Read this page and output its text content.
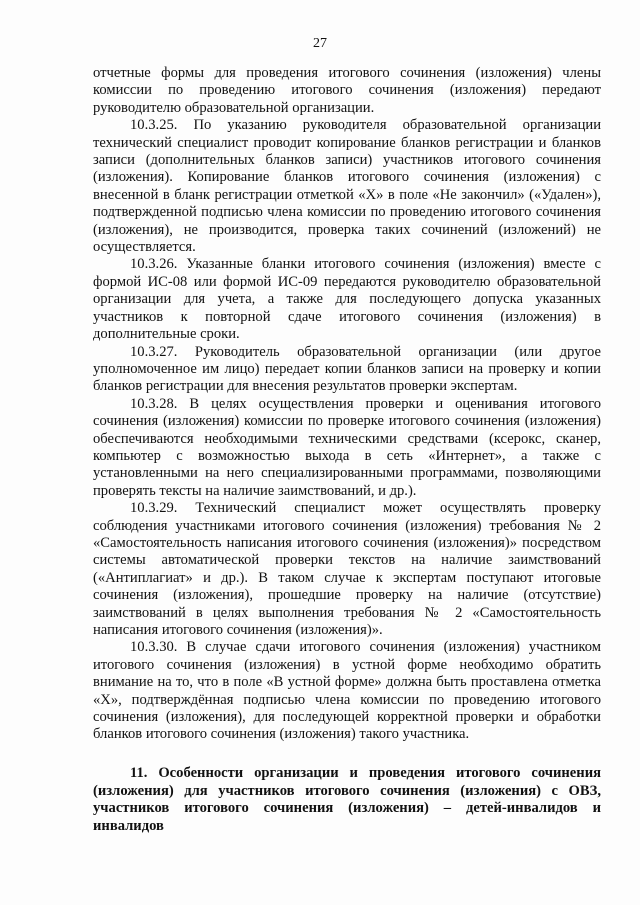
27

отчетные формы для проведения итогового сочинения (изложения) члены комиссии по проведению итогового сочинения (изложения) передают руководителю образовательной организации.

10.3.25. По указанию руководителя образовательной организации технический специалист проводит копирование бланков регистрации и бланков записи (дополнительных бланков записи) участников итогового сочинения (изложения). Копирование бланков итогового сочинения (изложения) с внесенной в бланк регистрации отметкой «X» в поле «Не закончил» («Удален»), подтвержденной подписью члена комиссии по проведению итогового сочинения (изложения), не производится, проверка таких сочинений (изложений) не осуществляется.

10.3.26. Указанные бланки итогового сочинения (изложения) вместе с формой ИС-08 или формой ИС-09 передаются руководителю образовательной организации для учета, а также для последующего допуска указанных участников к повторной сдаче итогового сочинения (изложения) в дополнительные сроки.

10.3.27. Руководитель образовательной организации (или другое уполномоченное им лицо) передает копии бланков записи на проверку и копии бланков регистрации для внесения результатов проверки экспертам.

10.3.28. В целях осуществления проверки и оценивания итогового сочинения (изложения) комиссии по проверке итогового сочинения (изложения) обеспечиваются необходимыми техническими средствами (ксерокс, сканер, компьютер с возможностью выхода в сеть «Интернет», а также с установленными на него специализированными программами, позволяющими проверять тексты на наличие заимствований, и др.).

10.3.29. Технический специалист может осуществлять проверку соблюдения участниками итогового сочинения (изложения) требования № 2 «Самостоятельность написания итогового сочинения (изложения)» посредством системы автоматической проверки текстов на наличие заимствований («Антиплагиат» и др.). В таком случае к экспертам поступают итоговые сочинения (изложения), прошедшие проверку на наличие (отсутствие) заимствований в целях выполнения требования № 2 «Самостоятельность написания итогового сочинения (изложения)».

10.3.30. В случае сдачи итогового сочинения (изложения) участником итогового сочинения (изложения) в устной форме необходимо обратить внимание на то, что в поле «В устной форме» должна быть проставлена отметка «X», подтверждённая подписью члена комиссии по проведению итогового сочинения (изложения), для последующей корректной проверки и обработки бланков итогового сочинения (изложения) такого участника.

11. Особенности организации и проведения итогового сочинения (изложения) для участников итогового сочинения (изложения) с ОВЗ, участников итогового сочинения (изложения) – детей-инвалидов и инвалидов
